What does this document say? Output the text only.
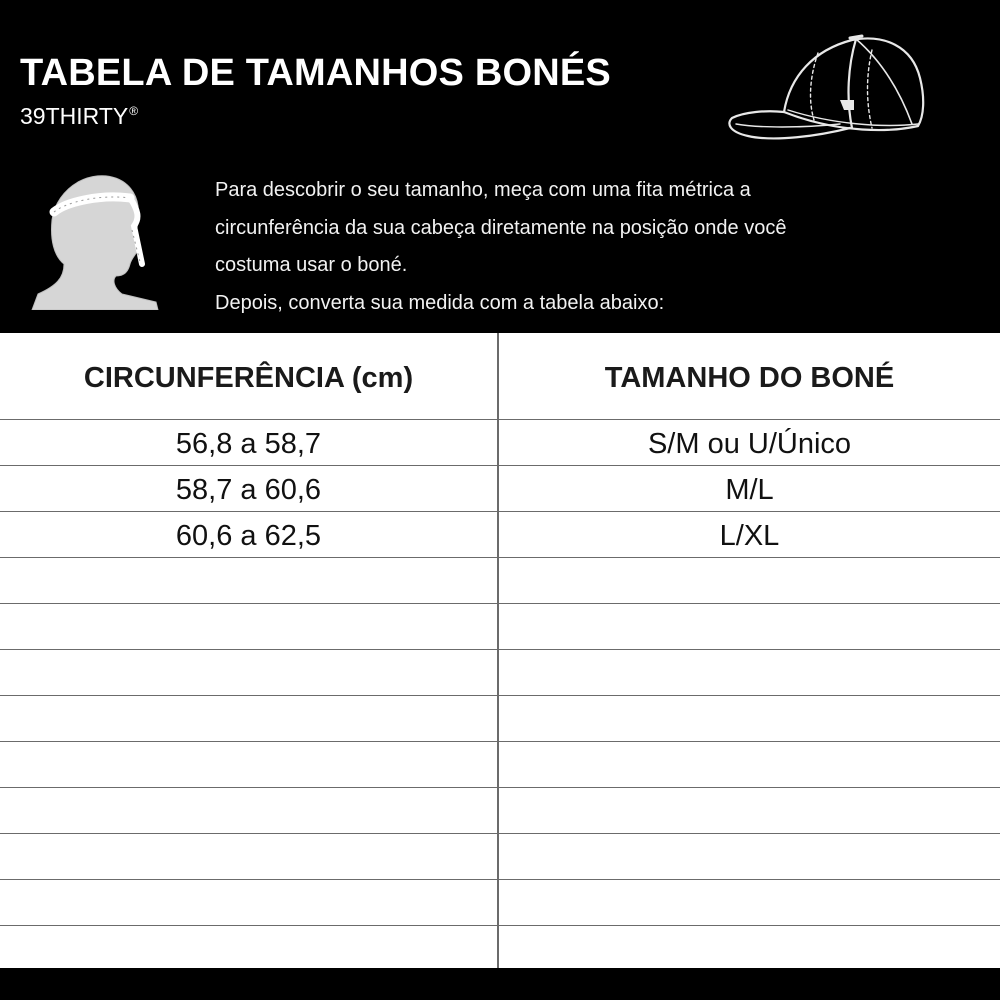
TABELA DE TAMANHOS BONÉS
39THIRTY®

Para descobrir o seu tamanho, meça com uma fita métrica a

circunferência da sua cabeça diretamente na posição onde você

costuma usar o boné.

Depois, converta sua medida com a tabela abaixo:

CIRCUNFERÊNCIA (cm)	TAMANHO DO BONÉ
56,8 a 58,7	S/M ou U/Único
58,7 a 60,6	M/L
60,6 a 62,5	L/XL
